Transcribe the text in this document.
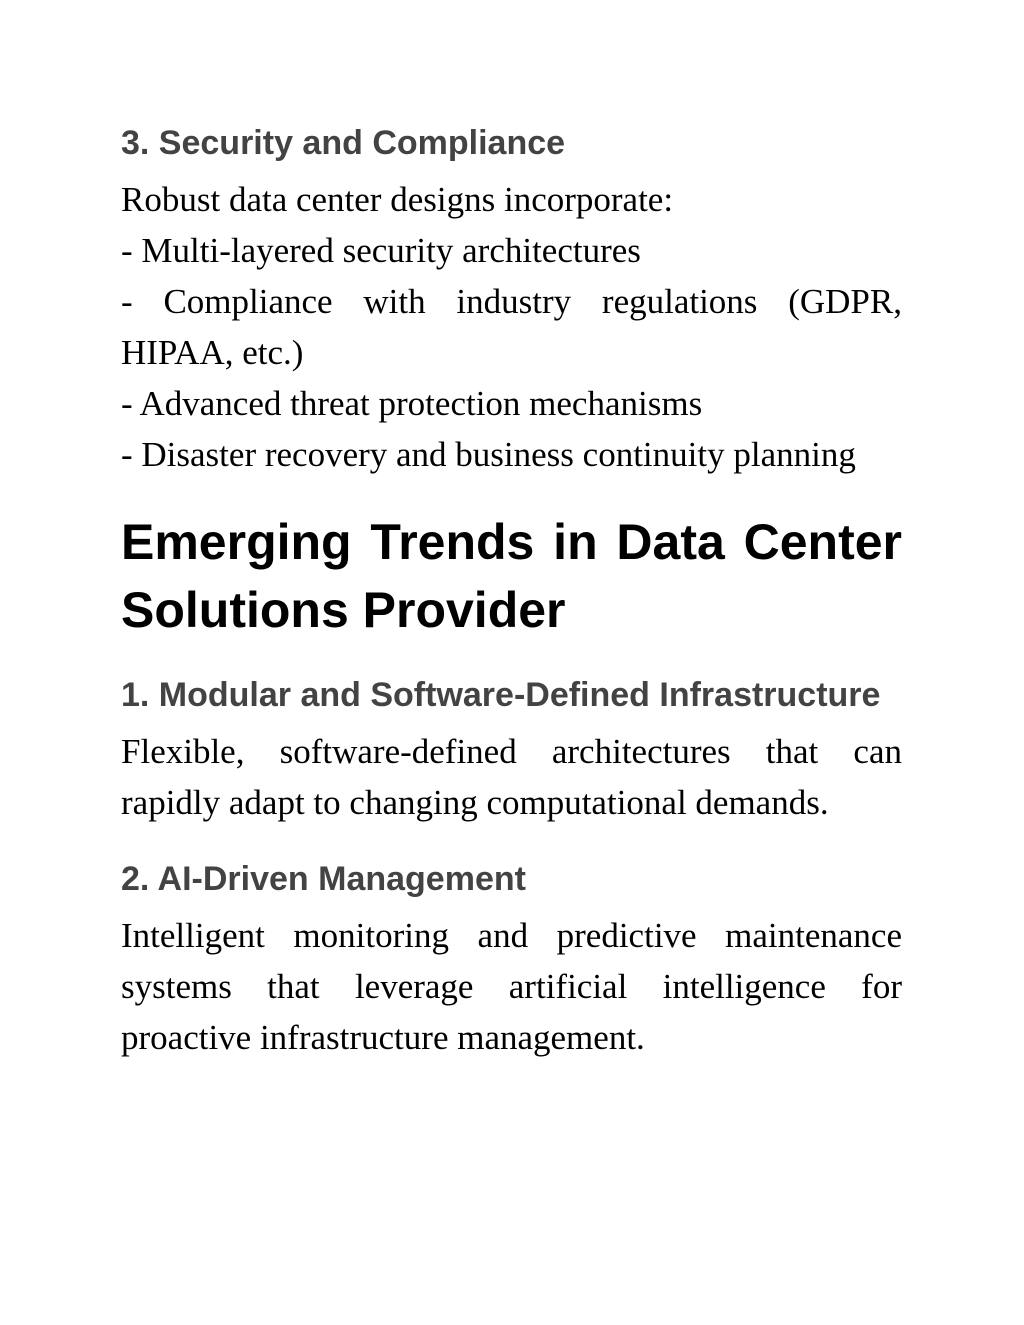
3. Security and Compliance

Robust data center designs incorporate:

- Multi-layered security architectures

- Compliance with industry regulations (GDPR, HIPAA, etc.)

- Advanced threat protection mechanisms

- Disaster recovery and business continuity planning

Emerging Trends in Data Center Solutions Provider
1. Modular and Software-Defined Infrastructure

Flexible, software-defined architectures that can rapidly adapt to changing computational demands.

2. AI-Driven Management

Intelligent monitoring and predictive maintenance systems that leverage artificial intelligence for proactive infrastructure management.
